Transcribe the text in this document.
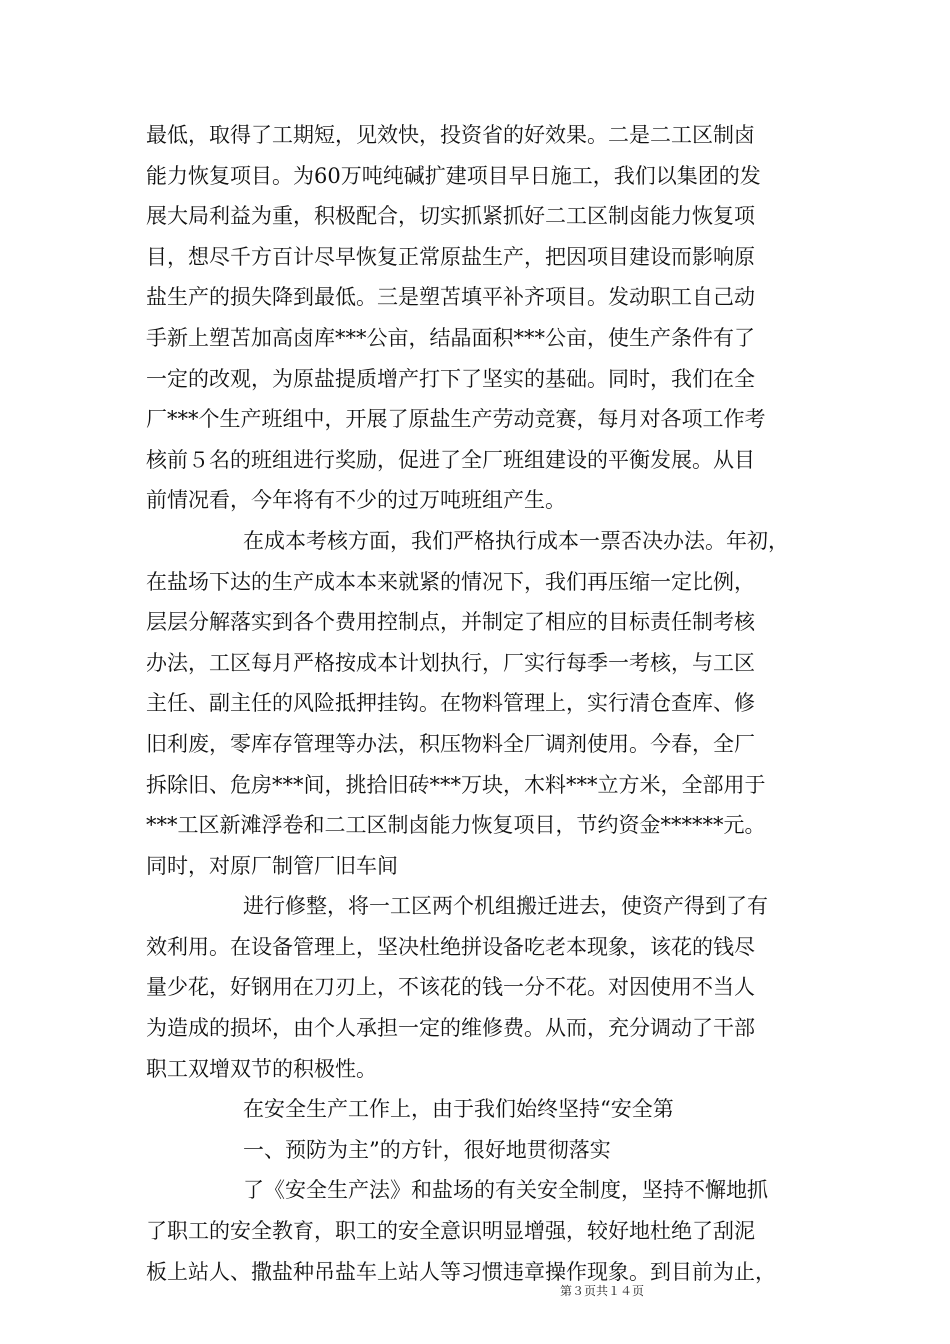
最低，取得了工期短，见效快，投资省的好效果。二是二工区制卤
能力恢复项目。为60万吨纯碱扩建项目早日施工，我们以集团的发
展大局利益为重，积极配合，切实抓紧抓好二工区制卤能力恢复项
目，想尽千方百计尽早恢复正常原盐生产，把因项目建设而影响原
盐生产的损失降到最低。三是塑苫填平补齐项目。发动职工自己动
手新上塑苫加高卤库***公亩，结晶面积***公亩，使生产条件有了
一定的改观，为原盐提质增产打下了坚实的基础。同时，我们在全
厂***个生产班组中，开展了原盐生产劳动竞赛，每月对各项工作考
核前５名的班组进行奖励，促进了全厂班组建设的平衡发展。从目
前情况看，今年将有不少的过万吨班组产生。
在成本考核方面，我们严格执行成本一票否决办法。年初，
在盐场下达的生产成本本来就紧的情况下，我们再压缩一定比例，
层层分解落实到各个费用控制点，并制定了相应的目标责任制考核
办法，工区每月严格按成本计划执行，厂实行每季一考核，与工区
主任、副主任的风险抵押挂钩。在物料管理上，实行清仓查库、修
旧利废，零库存管理等办法，积压物料全厂调剂使用。今春，全厂
拆除旧、危房***间，挑拾旧砖***万块，木料***立方米，全部用于
***工区新滩浮卷和二工区制卤能力恢复项目，节约资金******元。
同时，对原厂制管厂旧车间
进行修整，将一工区两个机组搬迁进去，使资产得到了有
效利用。在设备管理上，坚决杜绝拼设备吃老本现象，该花的钱尽
量少花，好钢用在刀刃上，不该花的钱一分不花。对因使用不当人
为造成的损坏，由个人承担一定的维修费。从而，充分调动了干部
职工双增双节的积极性。
在安全生产工作上，由于我们始终坚持“安全第
一、预防为主”的方针，很好地贯彻落实
了《安全生产法》和盐场的有关安全制度，坚持不懈地抓
了职工的安全教育，职工的安全意识明显增强，较好地杜绝了刮泥
板上站人、撒盐种吊盐车上站人等习惯违章操作现象。到目前为止，
第３页共１４页
